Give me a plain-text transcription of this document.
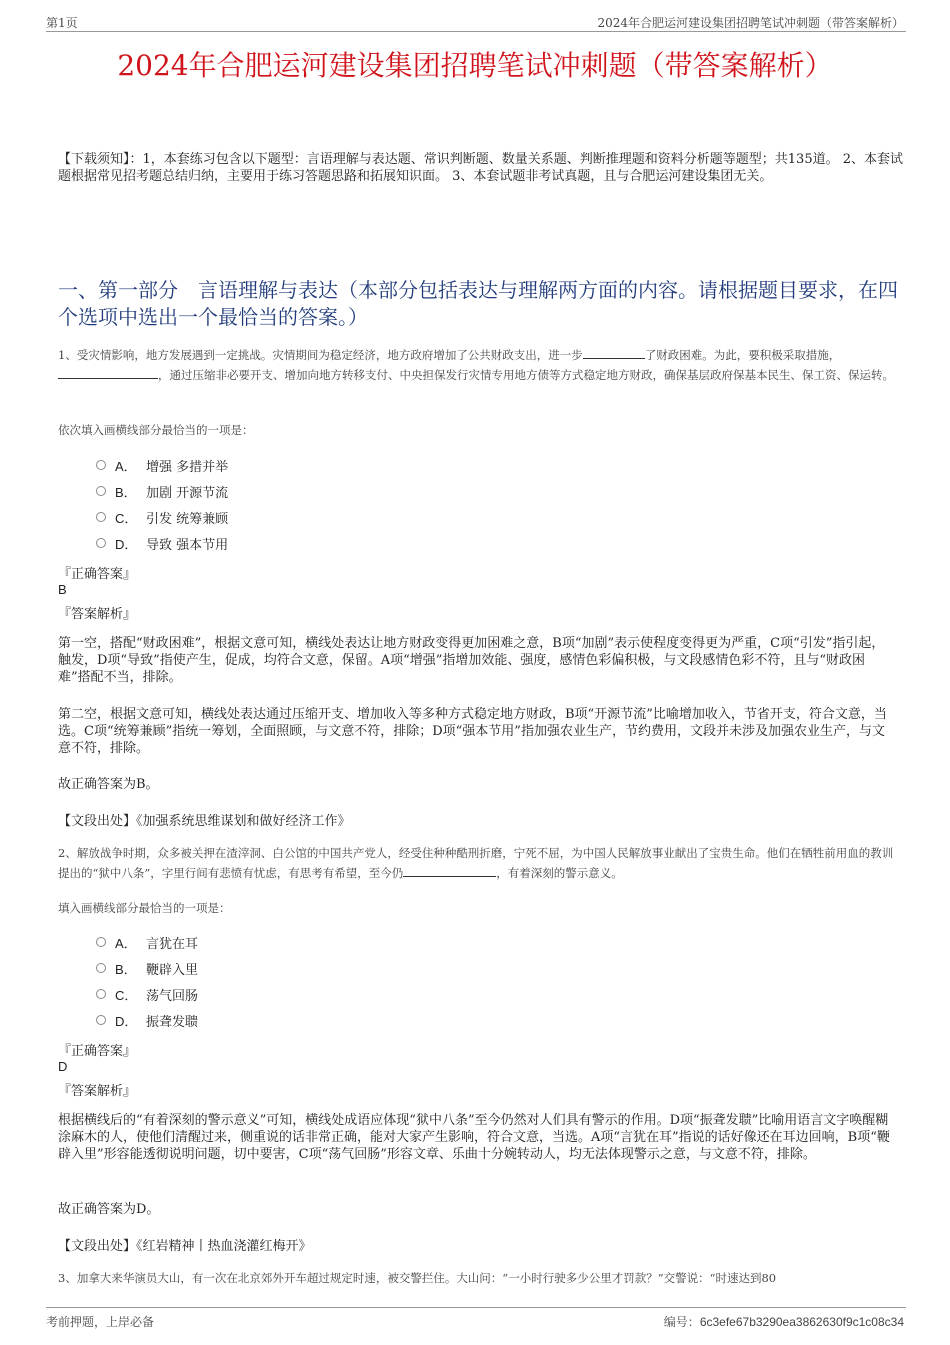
第1页	2024年合肥运河建设集团招聘笔试冲刺题（带答案解析）
2024年合肥运河建设集团招聘笔试冲刺题（带答案解析）
【下载须知】：1，本套练习包含以下题型：言语理解与表达题、常识判断题、数量关系题、判断推理题和资料分析题等题型；共135道。 2、本套试题根据常见招考题总结归纳，主要用于练习答题思路和拓展知识面。 3、本套试题非考试真题，且与合肥运河建设集团无关。
一、第一部分　言语理解与表达（本部分包括表达与理解两方面的内容。请根据题目要求，在四个选项中选出一个最恰当的答案。）
1、受灾情影响，地方发展遇到一定挑战。灾情期间为稳定经济，地方政府增加了公共财政支出，进一步	了财政困难。为此，要积极采取措施，，通过压缩非必要开支、增加向地方转移支付、中央担保发行灾情专用地方债等方式稳定地方财政，确保基层政府保基本民生、保工资、保运转。
依次填入画横线部分最恰当的一项是：
A． 增强 多措并举
B． 加剧 开源节流
C． 引发 统筹兼顾
D． 导致 强本节用
『正确答案』
B
『答案解析』
第一空，搭配“财政困难”，根据文意可知，横线处表达让地方财政变得更加困难之意，B项“加剧”表示使程度变得更为严重，C项“引发”指引起，触发，D项“导致”指使产生，促成，均符合文意，保留。A项“增强”指增加效能、强度，感情色彩偏积极，与文段感情色彩不符，且与“财政困难”搭配不当，排除。
第二空，根据文意可知，横线处表达通过压缩开支、增加收入等多种方式稳定地方财政，B项“开源节流”比喻增加收入，节省开支，符合文意，当选。C项“统筹兼顾”指统一筹划，全面照顾，与文意不符，排除；D项“强本节用”指加强农业生产，节约费用，文段并未涉及加强农业生产，与文意不符，排除。
故正确答案为B。
【文段出处】《加强系统思维谋划和做好经济工作》
2、解放战争时期，众多被关押在渣滓洞、白公馆的中国共产党人，经受住种种酷刑折磨，宁死不屈，为中国人民解放事业献出了宝贵生命。他们在牺牲前用血的教训提出的“狱中八条”，字里行间有悲愤有忧虑，有思考有希望，至今仍	，有着深刻的警示意义。
填入画横线部分最恰当的一项是：
A． 言犹在耳
B． 鞭辟入里
C． 荡气回肠
D． 振聋发聩
『正确答案』
D
『答案解析』
根据横线后的“有着深刻的警示意义”可知，横线处成语应体现“狱中八条”至今仍然对人们具有警示的作用。D项“振聋发聩”比喻用语言文字唤醒糊涂麻木的人，使他们清醒过来，侧重说的话非常正确，能对大家产生影响，符合文意，当选。A项“言犹在耳”指说的话好像还在耳边回响，B项“鞭辟入里”形容能透彻说明问题，切中要害，C项“荡气回肠”形容文章、乐曲十分婉转动人，均无法体现警示之意，与文意不符，排除。
故正确答案为D。
【文段出处】《红岩精神丨热血浇灌红梅开》
3、加拿大来华演员大山，有一次在北京郊外开车超过规定时速，被交警拦住。大山问：“一小时行驶多少公里才罚款？”交警说：“时速达到80
考前押题，上岸必备	编号：6c3efe67b3290ea3862630f9c1c08c34
